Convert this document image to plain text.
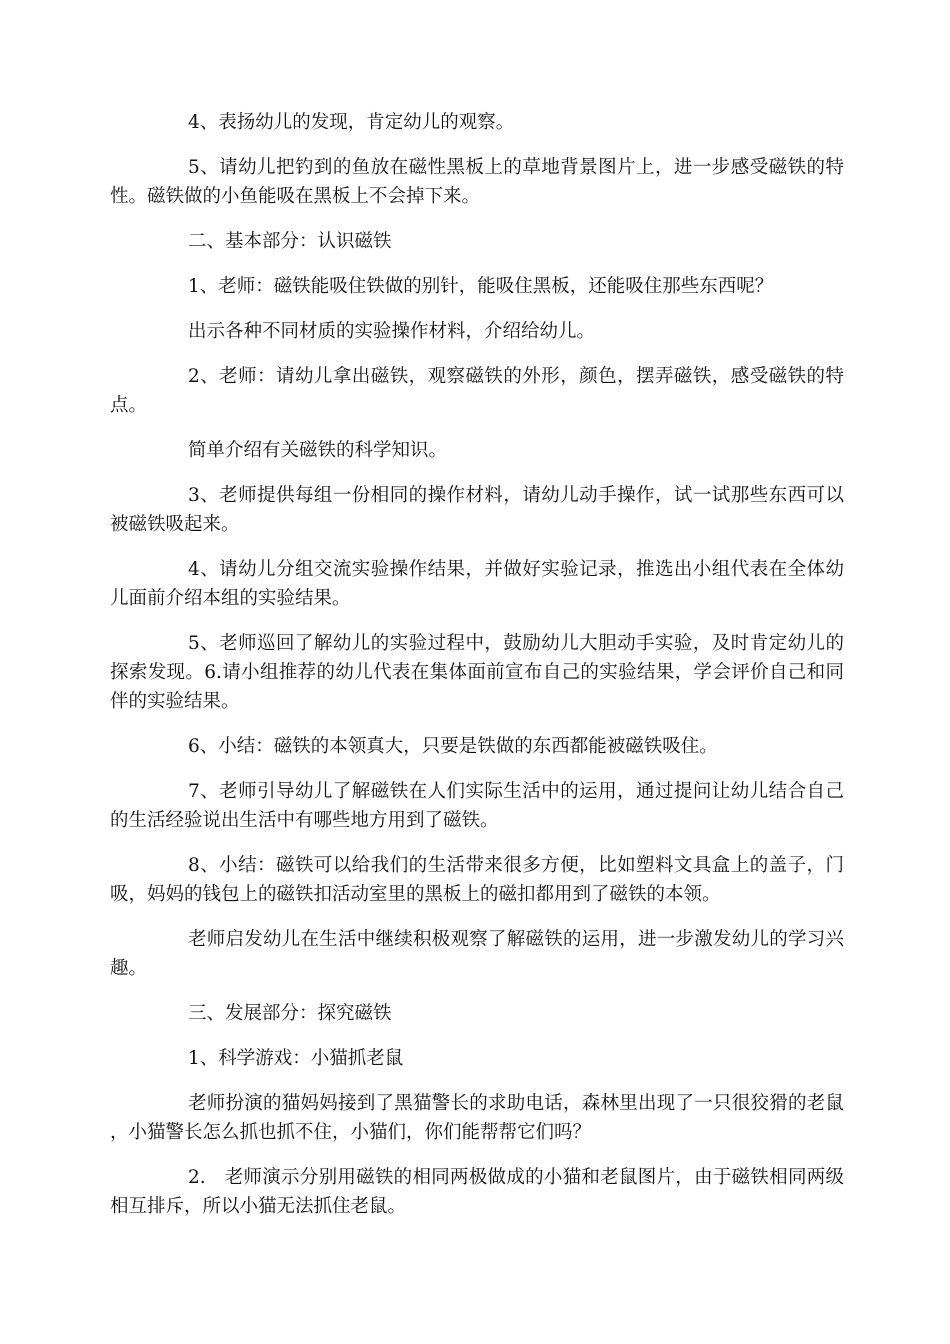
4、表扬幼儿的发现，肯定幼儿的观察。

5、请幼儿把钓到的鱼放在磁性黑板上的草地背景图片上，进一步感受磁铁的特性。磁铁做的小鱼能吸在黑板上不会掉下来。

二、基本部分：认识磁铁

1、老师：磁铁能吸住铁做的别针，能吸住黑板，还能吸住那些东西呢？

出示各种不同材质的实验操作材料，介绍给幼儿。

2、老师：请幼儿拿出磁铁，观察磁铁的外形，颜色，摆弄磁铁，感受磁铁的特点。

简单介绍有关磁铁的科学知识。

3、老师提供每组一份相同的操作材料，请幼儿动手操作，试一试那些东西可以被磁铁吸起来。

4、请幼儿分组交流实验操作结果，并做好实验记录，推选出小组代表在全体幼儿面前介绍本组的实验结果。

5、老师巡回了解幼儿的实验过程中，鼓励幼儿大胆动手实验，及时肯定幼儿的探索发现。6.请小组推荐的幼儿代表在集体面前宣布自己的实验结果，学会评价自己和同伴的实验结果。

6、小结：磁铁的本领真大，只要是铁做的东西都能被磁铁吸住。

7、老师引导幼儿了解磁铁在人们实际生活中的运用，通过提问让幼儿结合自己的生活经验说出生活中有哪些地方用到了磁铁。

8、小结：磁铁可以给我们的生活带来很多方便，比如塑料文具盒上的盖子，门吸，妈妈的钱包上的磁铁扣活动室里的黑板上的磁扣都用到了磁铁的本领。

老师启发幼儿在生活中继续积极观察了解磁铁的运用，进一步激发幼儿的学习兴趣。

三、发展部分：探究磁铁

1、科学游戏：小猫抓老鼠

老师扮演的猫妈妈接到了黑猫警长的求助电话，森林里出现了一只很狡猾的老鼠，小猫警长怎么抓也抓不住，小猫们，你们能帮帮它们吗？

2.　老师演示分别用磁铁的相同两极做成的小猫和老鼠图片，由于磁铁相同两级相互排斥，所以小猫无法抓住老鼠。
